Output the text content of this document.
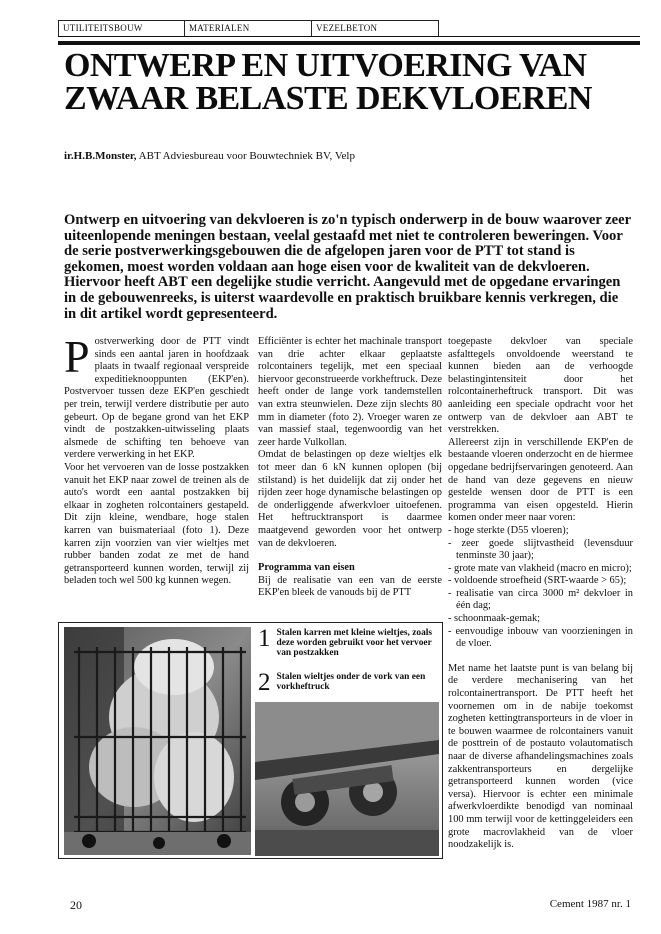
UTILITEITSBOUW	MATERIALEN	VEZELBETON
ONTWERP EN UITVOERING VAN ZWAAR BELASTE DEKVLOEREN
ir.H.B.Monster, ABT Adviesbureau voor Bouwtechniek BV, Velp
Ontwerp en uitvoering van dekvloeren is zo'n typisch onderwerp in de bouw waarover zeer uiteenlopende meningen bestaan, veelal gestaafd met niet te controleren beweringen. Voor de serie postverwerkingsgebouwen die de afgelopen jaren voor de PTT tot stand is gekomen, moest worden voldaan aan hoge eisen voor de kwaliteit van de dekvloeren. Hiervoor heeft ABT een degelijke studie verricht. Aangevuld met de opgedane ervaringen in de gebouwenreeks, is uiterst waardevolle en praktisch bruikbare kennis verkregen, die in dit artikel wordt gepresenteerd.

Postverwerking door de PTT vindt sinds een aantal jaren in hoofdzaak plaats in twaalf regionaal verspreide expeditieknooppunten (EKP'en). Postvervoer tussen deze EKP'en geschiedt per trein, terwijl verdere distributie per auto gebeurt. Op de begane grond van het EKP vindt de postzakken-uitwisseling plaats alsmede de schifting ten behoeve van verdere verwerking in het EKP.

Voor het vervoeren van de losse postzakken vanuit het EKP naar zowel de treinen als de auto's wordt een aantal postzakken bij elkaar in zogheten rolcontainers gestapeld. Dit zijn kleine, wendbare, hoge stalen karren van buismateriaal (foto 1). Deze karren zijn voorzien van vier wieltjes met rubber banden zodat ze met de hand getransporteerd kunnen worden, terwijl zij beladen toch wel 500 kg kunnen wegen.

Efficiënter is echter het machinale transport van drie achter elkaar geplaatste rolcontainers tegelijk, met een speciaal hiervoor geconstrueerde vorkheftruck. Deze heeft onder de lange vork tandemstellen van extra steunwielen. Deze zijn slechts 80 mm in diameter (foto 2). Vroeger waren ze van massief staal, tegenwoordig van het zeer harde Vulkollan.

Omdat de belastingen op deze wieltjes elk tot meer dan 6 kN kunnen oplopen (bij stilstand) is het duidelijk dat zij onder het rijden zeer hoge dynamische belastingen op de onderliggende afwerkvloer uitoefenen. Het heftrucktransport is daarmee maatgevend geworden voor het ontwerp van de dekvloeren.

Programma van eisen

Bij de realisatie van een van de eerste EKP'en bleek de vanouds bij de PTT

toegepaste dekvloer van speciale asfalttegels onvoldoende weerstand te kunnen bieden aan de verhoogde belastingintensiteit door het rolcontainerheftruck transport. Dit was aanleiding een speciale opdracht voor het ontwerp van de dekvloer aan ABT te verstrekken.

Allereerst zijn in verschillende EKP'en de bestaande vloeren onderzocht en de hiermee opgedane bedrijfservaringen genoteerd. Aan de hand van deze gegevens en nieuw gestelde wensen door de PTT is een programma van eisen opgesteld. Hierin komen onder meer naar voren:

- hoge sterkte (D55 vloeren);
- zeer goede slijtvastheid (levensduur tenminste 30 jaar);
- grote mate van vlakheid (macro en micro);
- voldoende stroefheid (SRT-waarde > 65);
- realisatie van circa 3000 m² dekvloer in één dag;
- schoonmaak-gemak;
- eenvoudige inbouw van voorzieningen in de vloer.

Met name het laatste punt is van belang bij de verdere mechanisering van het rolcontainertransport. De PTT heeft het voornemen om in de nabije toekomst zogheten kettingtransporteurs in de vloer in te bouwen waarmee de rolcontainers vanuit de posttrein of de postauto volautomatisch naar de diverse afhandelingsmachines zoals zakkentransporteurs en dergelijke getransporteerd kunnen worden (vice versa). Hiervoor is echter een minimale afwerkvloerdikte benodigd van nominaal 100 mm terwijl voor de kettinggeleiders een grote macrovlakheid van de vloer noodzakelijk is.

1 Stalen karren met kleine wieltjes, zoals deze worden gebruikt voor het vervoer van postzakken
2 Stalen wieltjes onder de vork van een vorkheftruck
20	Cement 1987 nr. 1
